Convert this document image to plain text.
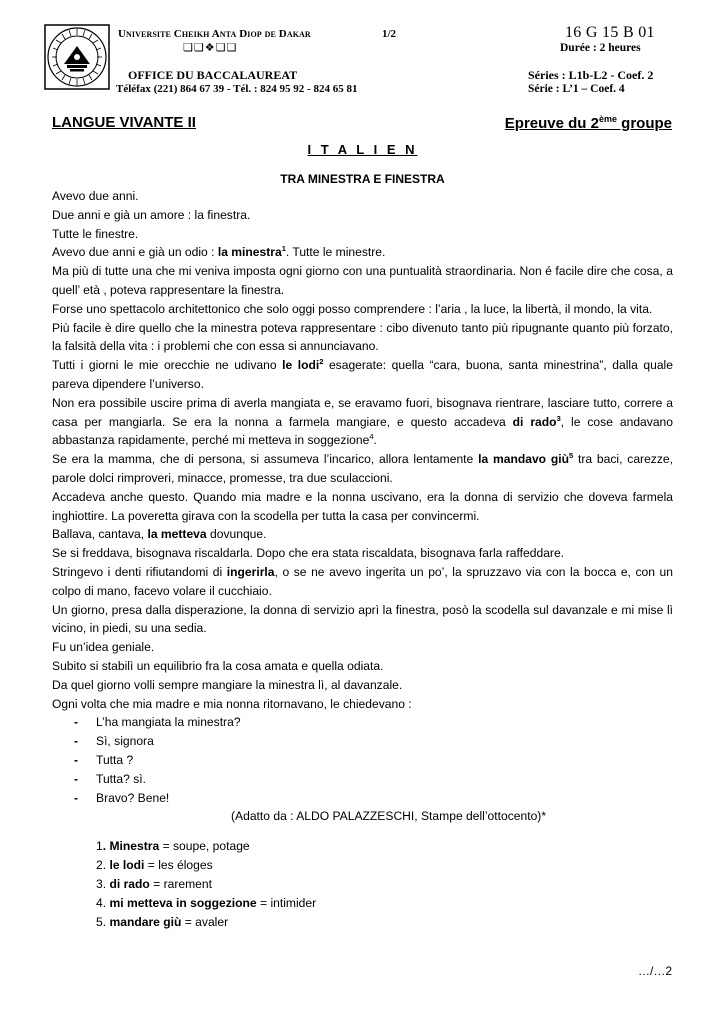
Universite Cheikh Anta Diop de Dakar	1/2	16 G 15 B 01
❏❏❖❏❏	Durée : 2 heures
OFFICE DU BACCALAUREAT	Séries : L1b-L2 - Coef. 2
Téléfax (221) 864 67 39 - Tél. : 824 95 92 - 824 65 81	Série : L’1 – Coef. 4
LANGUE VIVANTE II	Epreuve du 2ème groupe
I T A L I E N
TRA MINESTRA E FINESTRA

Avevo due anni.

Due anni e già un amore : la finestra.

Tutte le finestre.

Avevo due anni e già un odio : la minestra$^1$. Tutte le minestre.

Ma più di tutte una che mi veniva imposta ogni giorno con una puntualità straordinaria. Non é facile dire che cosa, a quell’ età , poteva rappresentare la finestra.

Forse uno spettacolo architettonico che solo oggi posso comprendere : l’aria , la luce, la libertà, il mondo, la vita.

Più facile è dire quello che la minestra poteva rappresentare : cibo divenuto tanto più ripugnante quanto più forzato, la falsità della vita : i problemi che con essa si annunciavano.

Tutti i giorni le mie orecchie ne udivano le lodi$^2$ esagerate: quella “cara, buona, santa minestrina”, dalla quale pareva dipendere l’universo.

Non era possibile uscire prima di averla mangiata e, se eravamo fuori, bisognava rientrare, lasciare tutto, correre a casa per mangiarla. Se era la nonna a farmela mangiare, e questo accadeva di rado$^3$, le cose andavano abbastanza rapidamente, perché mi metteva in soggezione$^4$.

Se era la mamma, che di persona, si assumeva l’incarico, allora lentamente la mandavo giù$^5$ tra baci, carezze, parole dolci rimproveri, minacce, promesse, tra due sculaccioni.

Accadeva anche questo. Quando mia madre e la nonna uscivano, era la donna di servizio che doveva farmela inghiottire. La poveretta girava con la scodella per tutta la casa per convincermi.

Ballava, cantava, la metteva dovunque.

Se si freddava, bisognava riscaldarla. Dopo che era stata riscaldata, bisognava farla raffeddare.

Stringevo i denti rifiutandomi di ingerirla, o se ne avevo ingerita un po’, la spruzzavo via con la bocca e, con un colpo di mano, facevo volare il cucchiaio.

Un giorno, presa dalla disperazione, la donna di servizio aprì la finestra, posò la scodella sul davanzale e mi mise lì vicino, in piedi, su una sedia.

Fu un’idea geniale.

Subito si stabilì un equilibrio fra la cosa amata e quella odiata.

Da quel giorno volli sempre mangiare la minestra lì, al davanzale.

Ogni volta che mia madre e mia nonna ritornavano, le chiedevano :

- L’ha mangiata la minestra?

- Sì, signora

- Tutta ?

- Tutta? sì.

- Bravo? Bene!

(Adatto da : ALDO PALAZZESCHI, Stampe dell’ottocento)*

1. Minestra = soupe, potage
2. le lodi = les éloges
3. di rado = rarement
4. mi metteva in soggezione = intimider
5. mandare giù = avaler
…/…2
